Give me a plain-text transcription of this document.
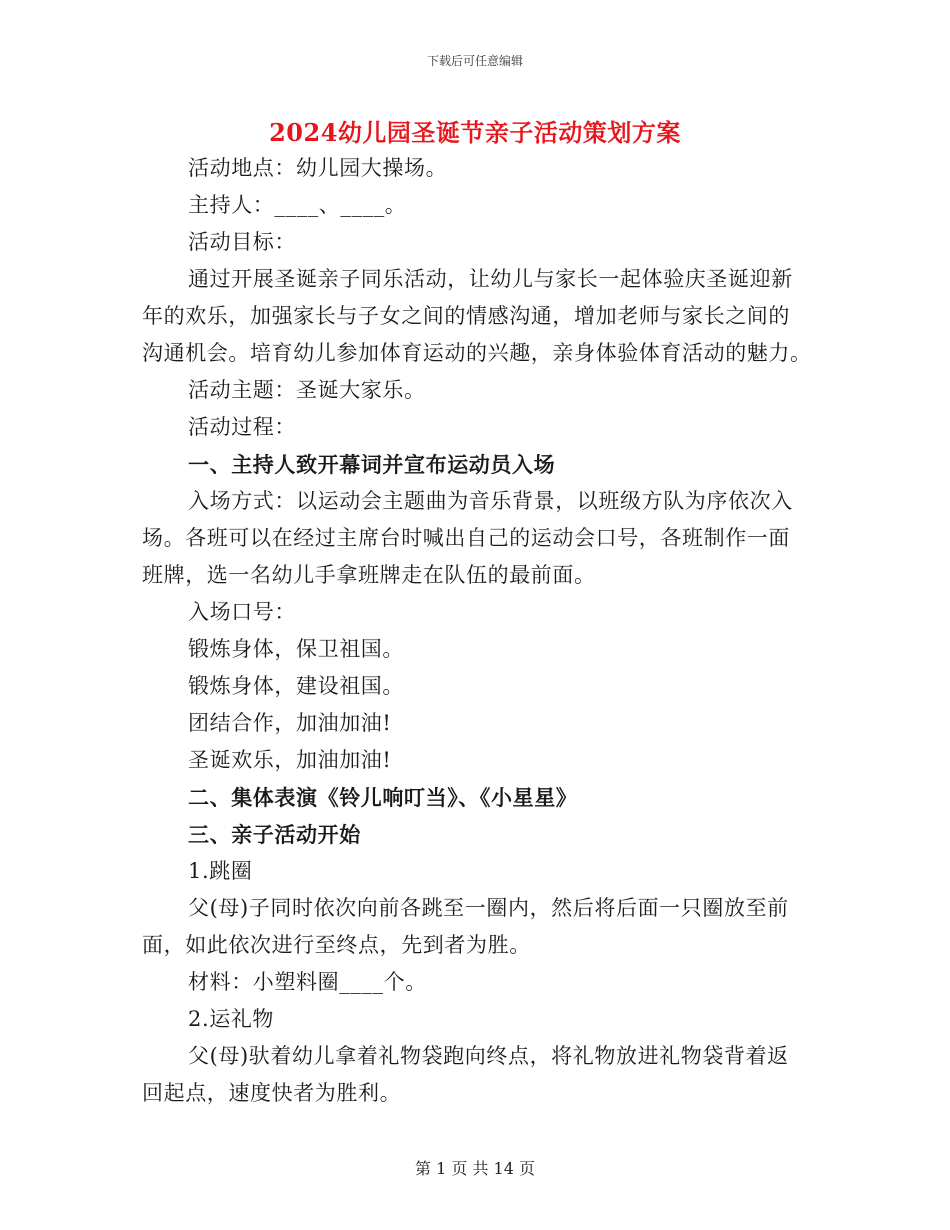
下载后可任意编辑
2024幼儿园圣诞节亲子活动策划方案

活动地点：幼儿园大操场。

主持人：____、____。

活动目标：

通过开展圣诞亲子同乐活动，让幼儿与家长一起体验庆圣诞迎新

年的欢乐，加强家长与子女之间的情感沟通，增加老师与家长之间的

沟通机会。培育幼儿参加体育运动的兴趣，亲身体验体育活动的魅力。

活动主题：圣诞大家乐。

活动过程：

一、主持人致开幕词并宣布运动员入场

入场方式：以运动会主题曲为音乐背景，以班级方队为序依次入

场。各班可以在经过主席台时喊出自己的运动会口号，各班制作一面

班牌，选一名幼儿手拿班牌走在队伍的最前面。

入场口号：

锻炼身体，保卫祖国。

锻炼身体，建设祖国。

团结合作，加油加油!

圣诞欢乐，加油加油!

二、集体表演《铃儿响叮当》、《小星星》

三、亲子活动开始

1.跳圈

父(母)子同时依次向前各跳至一圈内，然后将后面一只圈放至前

面，如此依次进行至终点，先到者为胜。

材料：小塑料圈____个。

2.运礼物

父(母)驮着幼儿拿着礼物袋跑向终点，将礼物放进礼物袋背着返

回起点，速度快者为胜利。

第 1 页 共 14 页
